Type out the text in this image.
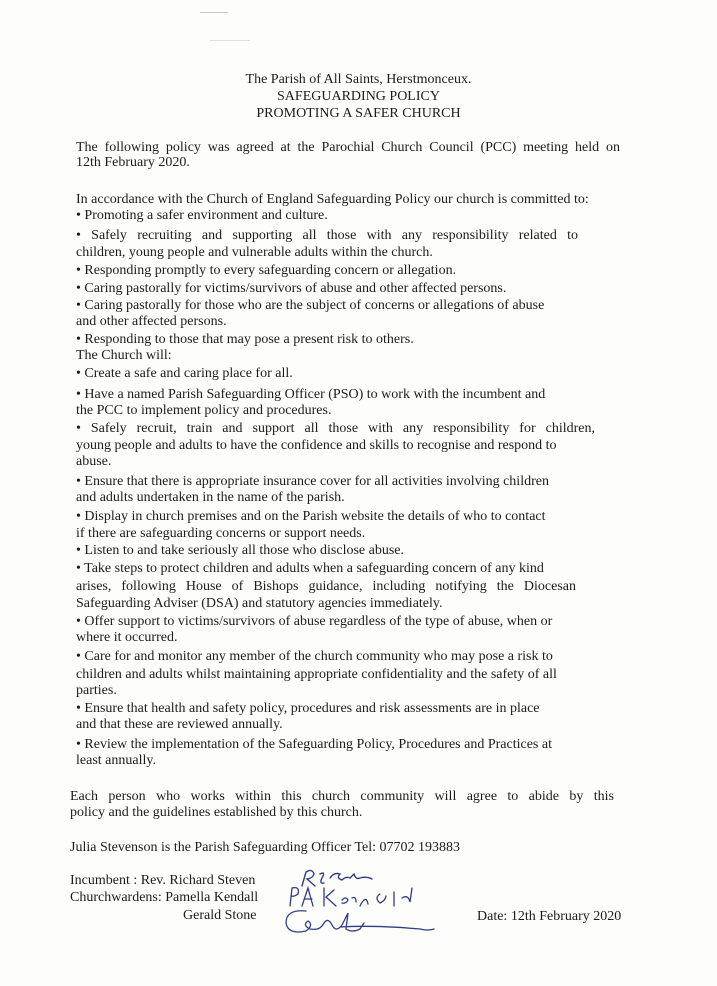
The Parish of All Saints, Herstmonceux.
SAFEGUARDING POLICY
PROMOTING A SAFER CHURCH
The following policy was agreed at the Parochial Church Council (PCC) meeting held on
12th February 2020.
In accordance with the Church of England Safeguarding Policy our church is committed to:
• Promoting a safer environment and culture.
• Safely recruiting and supporting all those with any responsibility related to
children, young people and vulnerable adults within the church.
• Responding promptly to every safeguarding concern or allegation.
• Caring pastorally for victims/survivors of abuse and other affected persons.
• Caring pastorally for those who are the subject of concerns or allegations of abuse
and other affected persons.
• Responding to those that may pose a present risk to others.
The Church will:
• Create a safe and caring place for all.
• Have a named Parish Safeguarding Officer (PSO) to work with the incumbent and
the PCC to implement policy and procedures.
• Safely recruit, train and support all those with any responsibility for children,
young people and adults to have the confidence and skills to recognise and respond to
abuse.
• Ensure that there is appropriate insurance cover for all activities involving children
and adults undertaken in the name of the parish.
• Display in church premises and on the Parish website the details of who to contact
if there are safeguarding concerns or support needs.
• Listen to and take seriously all those who disclose abuse.
• Take steps to protect children and adults when a safeguarding concern of any kind
arises, following House of Bishops guidance, including notifying the Diocesan
Safeguarding Adviser (DSA) and statutory agencies immediately.
• Offer support to victims/survivors of abuse regardless of the type of abuse, when or
where it occurred.
• Care for and monitor any member of the church community who may pose a risk to
children and adults whilst maintaining appropriate confidentiality and the safety of all
parties.
• Ensure that health and safety policy, procedures and risk assessments are in place
and that these are reviewed annually.
• Review the implementation of the Safeguarding Policy, Procedures and Practices at
least annually.
Each person who works within this church community will agree to abide by this
policy and the guidelines established by this church.
Julia Stevenson is the Parish Safeguarding Officer Tel: 07702 193883
Incumbent : Rev. Richard Steven
Churchwardens: Pamella Kendall
Gerald Stone	Date: 12th February 2020
